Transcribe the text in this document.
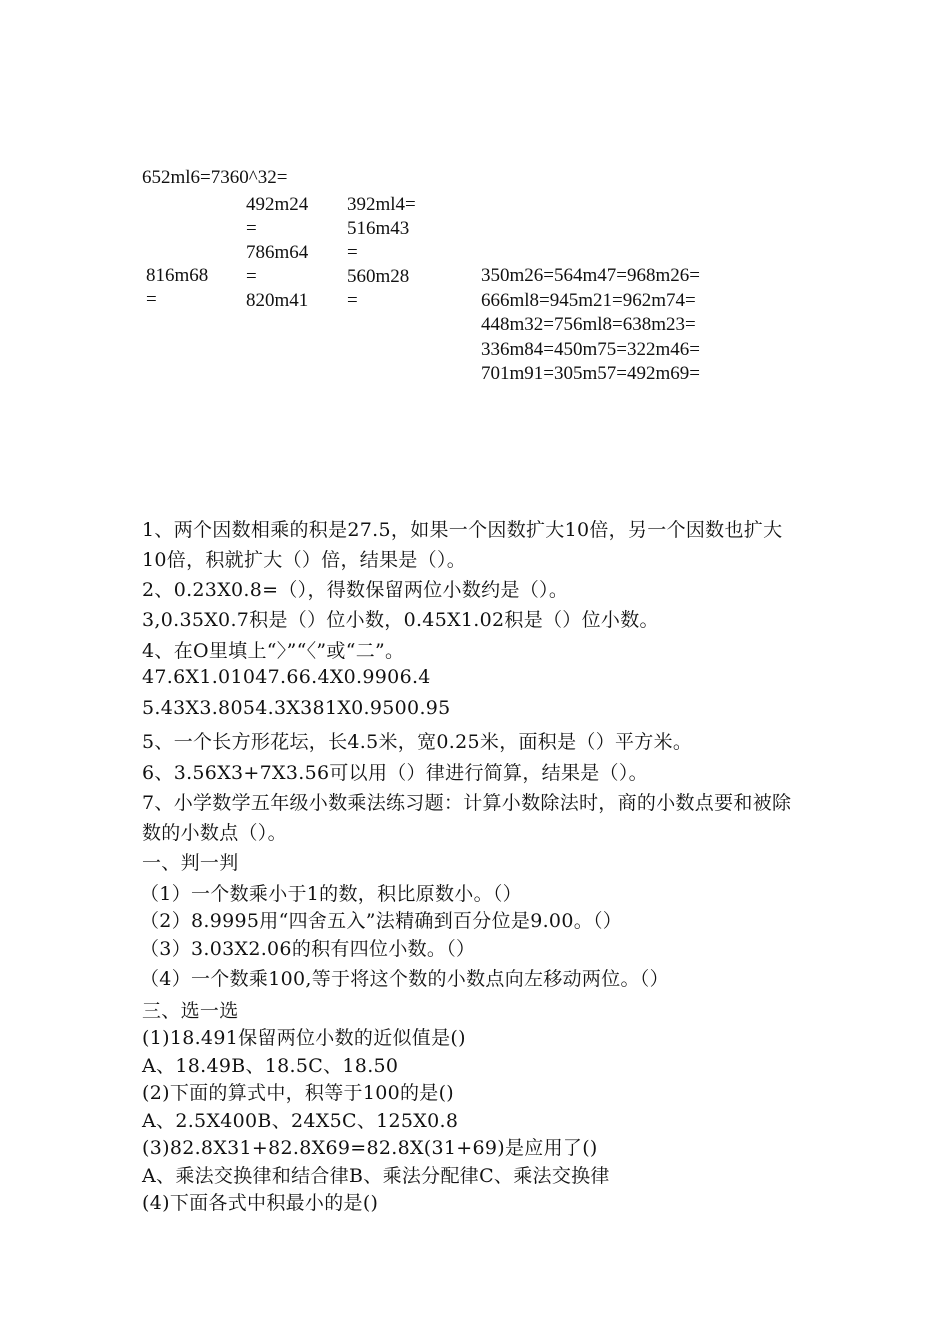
652ml6=7360^32=
816m68
=
492m24
=
786m64
=
820m41
392ml4=
516m43
=
560m28
=
350m26=564m47=968m26=
666ml8=945m21=962m74=
448m32=756ml8=638m23=
336m84=450m75=322m46=
701m91=305m57=492m69=
1、两个因数相乘的积是27.5，如果一个因数扩大10倍，另一个因数也扩大
10倍，积就扩大（）倍，结果是（）。
2、0.23X0.8=（），得数保留两位小数约是（）。
3,0.35X0.7积是（）位小数，0.45X1.02积是（）位小数。
4、在O里填上“〉”“〈”或“二”。
47.6X1.01047.66.4X0.9906.4
5.43X3.8054.3X381X0.9500.95
5、一个长方形花坛，长4.5米，宽0.25米，面积是（）平方米。
6、3.56X3+7X3.56可以用（）律进行简算，结果是（）。
7、小学数学五年级小数乘法练习题：计算小数除法时，商的小数点要和被除
数的小数点（）。
一、判一判
（1）一个数乘小于1的数，积比原数小。（）
（2）8.9995用“四舍五入”法精确到百分位是9.00。（）
（3）3.03X2.06的积有四位小数。（）
（4）一个数乘100,等于将这个数的小数点向左移动两位。（）
三、选一选
(1)18.491保留两位小数的近似值是()
A、18.49B、18.5C、18.50
(2)下面的算式中，积等于100的是()
A、2.5X400B、24X5C、125X0.8
(3)82.8X31+82.8X69=82.8X(31+69)是应用了()
A、乘法交换律和结合律B、乘法分配律C、乘法交换律
(4)下面各式中积最小的是()
